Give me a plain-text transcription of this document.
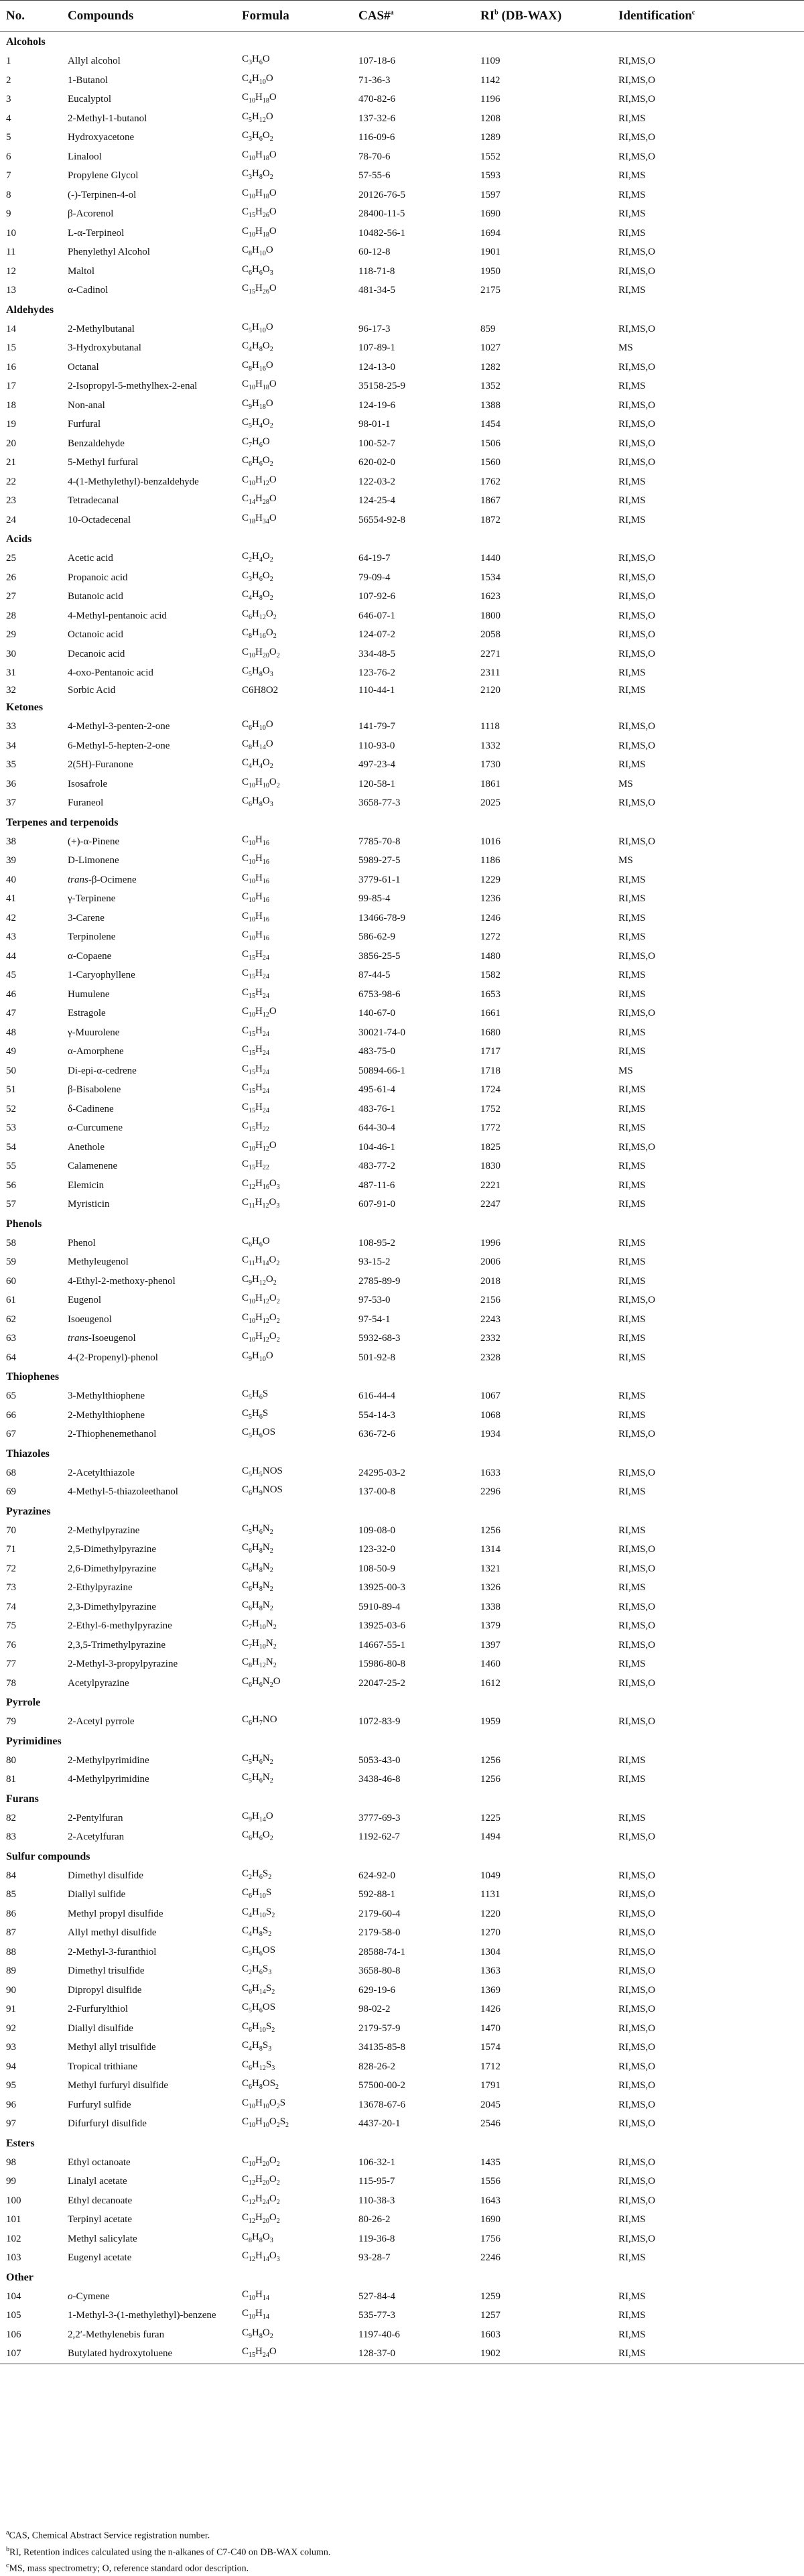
No.	Compounds	Formula	CAS#$^a$	$RI^b$ (DB-WAX)	Identification$^c$
Alcohols					
1	Allyl alcohol	$C_3H_6O$	107-18-6	1109	RI,MS,O
2	1-Butanol	$C_4H_{10}O$	71-36-3	1142	RI,MS,O
3	Eucalyptol	$C_{10}H_{18}O$	470-82-6	1196	RI,MS,O
4	2-Methyl-1-butanol	$C_5H_{12}O$	137-32-6	1208	RI,MS
5	Hydroxyacetone	$C_3H_6O_2$	116-09-6	1289	RI,MS,O
6	Linalool	$C_{10}H_{18}O$	78-70-6	1552	RI,MS,O
7	Propylene Glycol	$C_3H_8O_2$	57-55-6	1593	RI,MS
8	(-)-Terpinen-4-ol	$C_{10}H_{18}O$	20126-76-5	1597	RI,MS
9	β-Acorenol	$C_{15}H_{26}O$	28400-11-5	1690	RI,MS
10	L-α-Terpineol	$C_{10}H_{18}O$	10482-56-1	1694	RI,MS
11	Phenylethyl Alcohol	$C_8H_{10}O$	60-12-8	1901	RI,MS,O
12	Maltol	$C_6H_6O_3$	118-71-8	1950	RI,MS,O
13	α-Cadinol	$C_{15}H_{26}O$	481-34-5	2175	RI,MS
Aldehydes					
14	2-Methylbutanal	$C_5H_{10}O$	96-17-3	859	RI,MS,O
15	3-Hydroxybutanal	$C_4H_8O_2$	107-89-1	1027	MS
16	Octanal	$C_8H_{16}O$	124-13-0	1282	RI,MS,O
17	2-Isopropyl-5-methylhex-2-enal	$C_{10}H_{18}O$	35158-25-9	1352	RI,MS
18	Non-anal	$C_9H_{18}O$	124-19-6	1388	RI,MS,O
19	Furfural	$C_5H_4O_2$	98-01-1	1454	RI,MS,O
20	Benzaldehyde	$C_7H_6O$	100-52-7	1506	RI,MS,O
21	5-Methyl furfural	$C_6H_6O_2$	620-02-0	1560	RI,MS,O
22	4-(1-Methylethyl)-benzaldehyde	$C_{10}H_{12}O$	122-03-2	1762	RI,MS
23	Tetradecanal	$C_{14}H_{28}O$	124-25-4	1867	RI,MS
24	10-Octadecenal	$C_{18}H_{34}O$	56554-92-8	1872	RI,MS
Acids					
25	Acetic acid	$C_2H_4O_2$	64-19-7	1440	RI,MS,O
26	Propanoic acid	$C_3H_6O_2$	79-09-4	1534	RI,MS,O
27	Butanoic acid	$C_4H_8O_2$	107-92-6	1623	RI,MS,O
28	4-Methyl-pentanoic acid	$C_6H_{12}O_2$	646-07-1	1800	RI,MS,O
29	Octanoic acid	$C_8H_{16}O_2$	124-07-2	2058	RI,MS,O
30	Decanoic acid	$C_{10}H_{20}O_2$	334-48-5	2271	RI,MS,O
31	4-oxo-Pentanoic acid	$C_5H_8O_3$	123-76-2	2311	RI,MS
32	Sorbic Acid	C6H8O2	110-44-1	2120	RI,MS
Ketones					
33	4-Methyl-3-penten-2-one	$C_6H_{10}O$	141-79-7	1118	RI,MS,O
34	6-Methyl-5-hepten-2-one	$C_8H_{14}O$	110-93-0	1332	RI,MS,O
35	2(5H)-Furanone	$C_4H_4O_2$	497-23-4	1730	RI,MS
36	Isosafrole	$C_{10}H_{10}O_2$	120-58-1	1861	MS
37	Furaneol	$C_6H_8O_3$	3658-77-3	2025	RI,MS,O
Terpenes and terpenoids					
38	(+)-α-Pinene	$C_{10}H_{16}$	7785-70-8	1016	RI,MS,O
39	D-Limonene	$C_{10}H_{16}$	5989-27-5	1186	MS
40	trans-β-Ocimene	$C_{10}H_{16}$	3779-61-1	1229	RI,MS
41	γ-Terpinene	$C_{10}H_{16}$	99-85-4	1236	RI,MS
42	3-Carene	$C_{10}H_{16}$	13466-78-9	1246	RI,MS
43	Terpinolene	$C_{10}H_{16}$	586-62-9	1272	RI,MS
44	α-Copaene	$C_{15}H_{24}$	3856-25-5	1480	RI,MS,O
45	1-Caryophyllene	$C_{15}H_{24}$	87-44-5	1582	RI,MS
46	Humulene	$C_{15}H_{24}$	6753-98-6	1653	RI,MS
47	Estragole	$C_{10}H_{12}O$	140-67-0	1661	RI,MS,O
48	γ-Muurolene	$C_{15}H_{24}$	30021-74-0	1680	RI,MS
49	α-Amorphene	$C_{15}H_{24}$	483-75-0	1717	RI,MS
50	Di-epi-α-cedrene	$C_{15}H_{24}$	50894-66-1	1718	MS
51	β-Bisabolene	$C_{15}H_{24}$	495-61-4	1724	RI,MS
52	δ-Cadinene	$C_{15}H_{24}$	483-76-1	1752	RI,MS
53	α-Curcumene	$C_{15}H_{22}$	644-30-4	1772	RI,MS
54	Anethole	$C_{10}H_{12}O$	104-46-1	1825	RI,MS,O
55	Calamenene	$C_{15}H_{22}$	483-77-2	1830	RI,MS
56	Elemicin	$C_{12}H_{16}O_3$	487-11-6	2221	RI,MS
57	Myristicin	$C_{11}H_{12}O_3$	607-91-0	2247	RI,MS
Phenols					
58	Phenol	$C_6H_6O$	108-95-2	1996	RI,MS
59	Methyleugenol	$C_{11}H_{14}O_2$	93-15-2	2006	RI,MS
60	4-Ethyl-2-methoxy-phenol	$C_9H_{12}O_2$	2785-89-9	2018	RI,MS
61	Eugenol	$C_{10}H_{12}O_2$	97-53-0	2156	RI,MS,O
62	Isoeugenol	$C_{10}H_{12}O_2$	97-54-1	2243	RI,MS
63	trans-Isoeugenol	$C_{10}H_{12}O_2$	5932-68-3	2332	RI,MS
64	4-(2-Propenyl)-phenol	$C_9H_{10}O$	501-92-8	2328	RI,MS
Thiophenes					
65	3-Methylthiophene	$C_5H_6S$	616-44-4	1067	RI,MS
66	2-Methylthiophene	$C_5H_6S$	554-14-3	1068	RI,MS
67	2-Thiophenemethanol	$C_5H_6OS$	636-72-6	1934	RI,MS,O
Thiazoles					
68	2-Acetylthiazole	$C_5H_5NOS$	24295-03-2	1633	RI,MS,O
69	4-Methyl-5-thiazoleethanol	$C_6H_9NOS$	137-00-8	2296	RI,MS
Pyrazines					
70	2-Methylpyrazine	$C_5H_6N_2$	109-08-0	1256	RI,MS
71	2,5-Dimethylpyrazine	$C_6H_8N_2$	123-32-0	1314	RI,MS,O
72	2,6-Dimethylpyrazine	$C_6H_8N_2$	108-50-9	1321	RI,MS,O
73	2-Ethylpyrazine	$C_6H_8N_2$	13925-00-3	1326	RI,MS
74	2,3-Dimethylpyrazine	$C_6H_8N_2$	5910-89-4	1338	RI,MS,O
75	2-Ethyl-6-methylpyrazine	$C_7H_{10}N_2$	13925-03-6	1379	RI,MS,O
76	2,3,5-Trimethylpyrazine	$C_7H_{10}N_2$	14667-55-1	1397	RI,MS,O
77	2-Methyl-3-propylpyrazine	$C_8H_{12}N_2$	15986-80-8	1460	RI,MS
78	Acetylpyrazine	$C_6H_6N_2O$	22047-25-2	1612	RI,MS,O
Pyrrole					
79	2-Acetyl pyrrole	$C_6H_7NO$	1072-83-9	1959	RI,MS,O
Pyrimidines					
80	2-Methylpyrimidine	$C_5H_6N_2$	5053-43-0	1256	RI,MS
81	4-Methylpyrimidine	$C_5H_6N_2$	3438-46-8	1256	RI,MS
Furans					
82	2-Pentylfuran	$C_9H_{14}O$	3777-69-3	1225	RI,MS
83	2-Acetylfuran	$C_6H_6O_2$	1192-62-7	1494	RI,MS,O
Sulfur compounds					
84	Dimethyl disulfide	$C_2H_6S_2$	624-92-0	1049	RI,MS,O
85	Diallyl sulfide	$C_6H_{10}S$	592-88-1	1131	RI,MS,O
86	Methyl propyl disulfide	$C_4H_{10}S_2$	2179-60-4	1220	RI,MS,O
87	Allyl methyl disulfide	$C_4H_8S_2$	2179-58-0	1270	RI,MS,O
88	2-Methyl-3-furanthiol	$C_5H_6OS$	28588-74-1	1304	RI,MS,O
89	Dimethyl trisulfide	$C_2H_6S_3$	3658-80-8	1363	RI,MS,O
90	Dipropyl disulfide	$C_6H_{14}S_2$	629-19-6	1369	RI,MS,O
91	2-Furfurylthiol	$C_5H_6OS$	98-02-2	1426	RI,MS,O
92	Diallyl disulfide	$C_6H_{10}S_2$	2179-57-9	1470	RI,MS,O
93	Methyl allyl trisulfide	$C_4H_8S_3$	34135-85-8	1574	RI,MS,O
94	Tropical trithiane	$C_6H_{12}S_3$	828-26-2	1712	RI,MS,O
95	Methyl furfuryl disulfide	$C_6H_8OS_2$	57500-00-2	1791	RI,MS,O
96	Furfuryl sulfide	$C_{10}H_{10}O_2S$	13678-67-6	2045	RI,MS,O
97	Difurfuryl disulfide	$C_{10}H_{10}O_2S_2$	4437-20-1	2546	RI,MS,O
Esters					
98	Ethyl octanoate	$C_{10}H_{20}O_2$	106-32-1	1435	RI,MS,O
99	Linalyl acetate	$C_{12}H_{20}O_2$	115-95-7	1556	RI,MS,O
100	Ethyl decanoate	$C_{12}H_{24}O_2$	110-38-3	1643	RI,MS,O
101	Terpinyl acetate	$C_{12}H_{20}O_2$	80-26-2	1690	RI,MS
102	Methyl salicylate	$C_8H_8O_3$	119-36-8	1756	RI,MS,O
103	Eugenyl acetate	$C_{12}H_{14}O_3$	93-28-7	2246	RI,MS
Other					
104	o-Cymene	$C_{10}H_{14}$	527-84-4	1259	RI,MS
105	1-Methyl-3-(1-methylethyl)-benzene	$C_{10}H_{14}$	535-77-3	1257	RI,MS
106	2,2′-Methylenebis furan	$C_9H_8O_2$	1197-40-6	1603	RI,MS
107	Butylated hydroxytoluene	$C_{15}H_{24}O$	128-37-0	1902	RI,MS
$^a$CAS, Chemical Abstract Service registration number.
$^b$RI, Retention indices calculated using the n-alkanes of C7-C40 on DB-WAX column.
$^c$MS, mass spectrometry; O, reference standard odor description.
